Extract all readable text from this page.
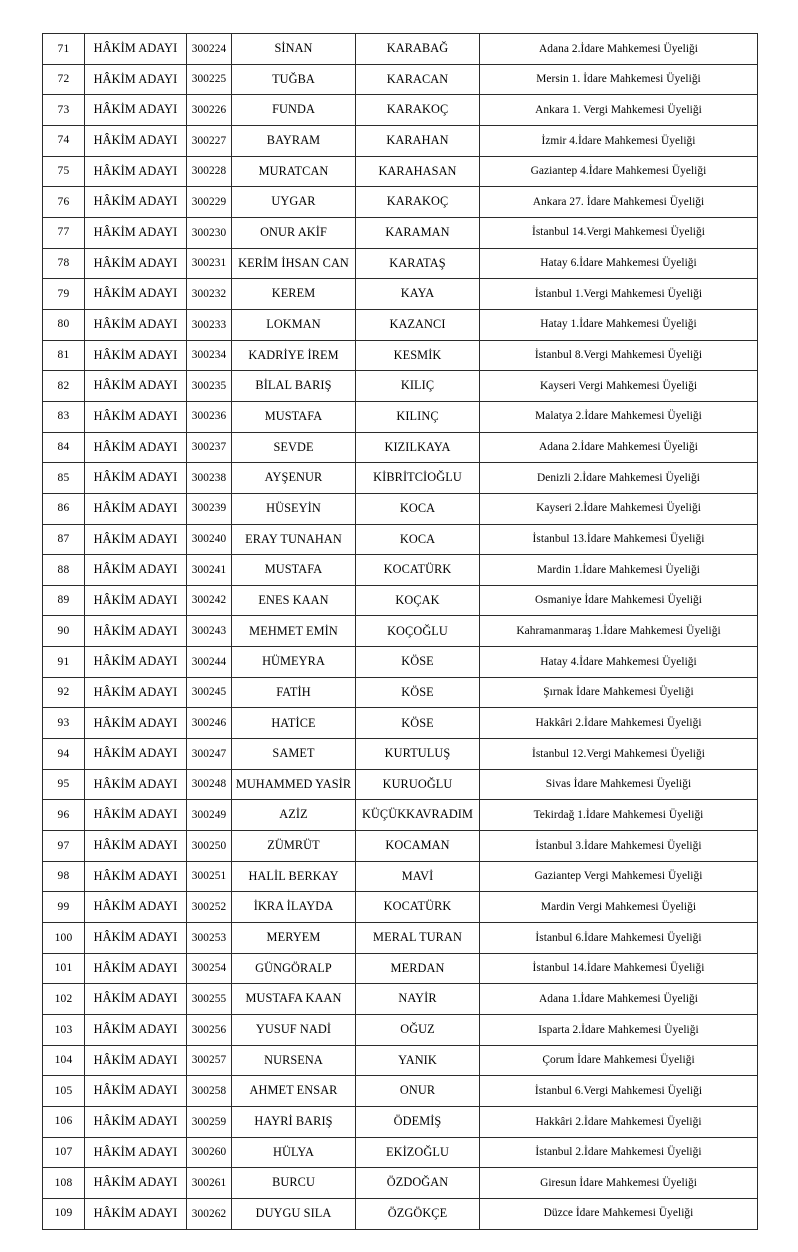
71	HÂKİM ADAYI	300224	SİNAN	KARABAĞ	Adana 2.İdare Mahkemesi Üyeliği
72	HÂKİM ADAYI	300225	TUĞBA	KARACAN	Mersin 1. İdare Mahkemesi Üyeliği
73	HÂKİM ADAYI	300226	FUNDA	KARAKOÇ	Ankara 1. Vergi Mahkemesi Üyeliği
74	HÂKİM ADAYI	300227	BAYRAM	KARAHAN	İzmir 4.İdare Mahkemesi Üyeliği
75	HÂKİM ADAYI	300228	MURATCAN	KARAHASAN	Gaziantep 4.İdare Mahkemesi Üyeliği
76	HÂKİM ADAYI	300229	UYGAR	KARAKOÇ	Ankara 27. İdare Mahkemesi Üyeliği
77	HÂKİM ADAYI	300230	ONUR AKİF	KARAMAN	İstanbul 14.Vergi Mahkemesi Üyeliği
78	HÂKİM ADAYI	300231	KERİM İHSAN CAN	KARATAŞ	Hatay 6.İdare Mahkemesi Üyeliği
79	HÂKİM ADAYI	300232	KEREM	KAYA	İstanbul 1.Vergi Mahkemesi Üyeliği
80	HÂKİM ADAYI	300233	LOKMAN	KAZANCI	Hatay 1.İdare Mahkemesi Üyeliği
81	HÂKİM ADAYI	300234	KADRİYE İREM	KESMİK	İstanbul 8.Vergi Mahkemesi Üyeliği
82	HÂKİM ADAYI	300235	BİLAL BARIŞ	KILIÇ	Kayseri Vergi Mahkemesi Üyeliği
83	HÂKİM ADAYI	300236	MUSTAFA	KILINÇ	Malatya 2.İdare Mahkemesi Üyeliği
84	HÂKİM ADAYI	300237	SEVDE	KIZILKAYA	Adana 2.İdare Mahkemesi Üyeliği
85	HÂKİM ADAYI	300238	AYŞENUR	KİBRİTCİOĞLU	Denizli 2.İdare Mahkemesi Üyeliği
86	HÂKİM ADAYI	300239	HÜSEYİN	KOCA	Kayseri 2.İdare Mahkemesi Üyeliği
87	HÂKİM ADAYI	300240	ERAY TUNAHAN	KOCA	İstanbul 13.İdare Mahkemesi Üyeliği
88	HÂKİM ADAYI	300241	MUSTAFA	KOCATÜRK	Mardin 1.İdare Mahkemesi Üyeliği
89	HÂKİM ADAYI	300242	ENES KAAN	KOÇAK	Osmaniye İdare Mahkemesi Üyeliği
90	HÂKİM ADAYI	300243	MEHMET EMİN	KOÇOĞLU	Kahramanmaraş 1.İdare Mahkemesi Üyeliği
91	HÂKİM ADAYI	300244	HÜMEYRA	KÖSE	Hatay 4.İdare Mahkemesi Üyeliği
92	HÂKİM ADAYI	300245	FATİH	KÖSE	Şırnak İdare Mahkemesi Üyeliği
93	HÂKİM ADAYI	300246	HATİCE	KÖSE	Hakkâri 2.İdare Mahkemesi Üyeliği
94	HÂKİM ADAYI	300247	SAMET	KURTULUŞ	İstanbul 12.Vergi Mahkemesi Üyeliği
95	HÂKİM ADAYI	300248	MUHAMMED YASİR	KURUOĞLU	Sivas İdare Mahkemesi Üyeliği
96	HÂKİM ADAYI	300249	AZİZ	KÜÇÜKKAVRADIM	Tekirdağ 1.İdare Mahkemesi Üyeliği
97	HÂKİM ADAYI	300250	ZÜMRÜT	KOCAMAN	İstanbul 3.İdare Mahkemesi Üyeliği
98	HÂKİM ADAYI	300251	HALİL BERKAY	MAVİ	Gaziantep Vergi Mahkemesi Üyeliği
99	HÂKİM ADAYI	300252	İKRA İLAYDA	KOCATÜRK	Mardin Vergi Mahkemesi Üyeliği
100	HÂKİM ADAYI	300253	MERYEM	MERAL TURAN	İstanbul 6.İdare Mahkemesi Üyeliği
101	HÂKİM ADAYI	300254	GÜNGÖRALP	MERDAN	İstanbul 14.İdare Mahkemesi Üyeliği
102	HÂKİM ADAYI	300255	MUSTAFA KAAN	NAYİR	Adana 1.İdare Mahkemesi Üyeliği
103	HÂKİM ADAYI	300256	YUSUF NADİ	OĞUZ	Isparta 2.İdare Mahkemesi Üyeliği
104	HÂKİM ADAYI	300257	NURSENA	YANIK	Çorum İdare Mahkemesi Üyeliği
105	HÂKİM ADAYI	300258	AHMET ENSAR	ONUR	İstanbul 6.Vergi Mahkemesi Üyeliği
106	HÂKİM ADAYI	300259	HAYRİ BARIŞ	ÖDEMİŞ	Hakkâri 2.İdare Mahkemesi Üyeliği
107	HÂKİM ADAYI	300260	HÜLYA	EKİZOĞLU	İstanbul 2.İdare Mahkemesi Üyeliği
108	HÂKİM ADAYI	300261	BURCU	ÖZDOĞAN	Giresun İdare Mahkemesi Üyeliği
109	HÂKİM ADAYI	300262	DUYGU SILA	ÖZGÖKÇE	Düzce İdare Mahkemesi Üyeliği
